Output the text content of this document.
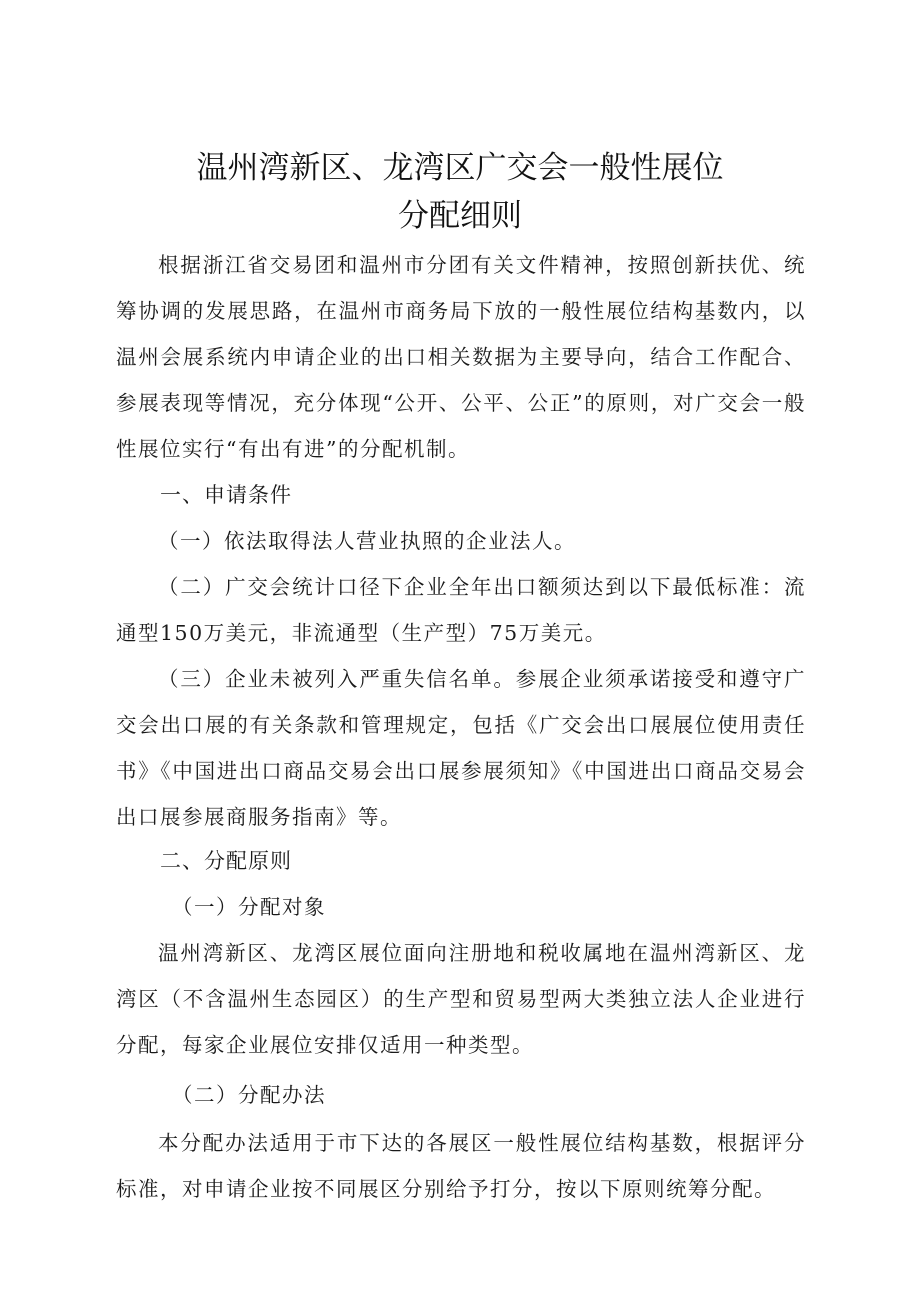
温州湾新区、龙湾区广交会一般性展位
分配细则

根据浙江省交易团和温州市分团有关文件精神，按照创新扶优、统筹协调的发展思路，在温州市商务局下放的一般性展位结构基数内，以温州会展系统内申请企业的出口相关数据为主要导向，结合工作配合、参展表现等情况，充分体现“公开、公平、公正”的原则，对广交会一般性展位实行“有出有进”的分配机制。

一、申请条件

（一）依法取得法人营业执照的企业法人。

（二）广交会统计口径下企业全年出口额须达到以下最低标准：流通型150万美元，非流通型（生产型）75万美元。

（三）企业未被列入严重失信名单。参展企业须承诺接受和遵守广交会出口展的有关条款和管理规定，包括《广交会出口展展位使用责任书》《中国进出口商品交易会出口展参展须知》《中国进出口商品交易会出口展参展商服务指南》等。

二、分配原则

（一）分配对象

温州湾新区、龙湾区展位面向注册地和税收属地在温州湾新区、龙湾区（不含温州生态园区）的生产型和贸易型两大类独立法人企业进行分配，每家企业展位安排仅适用一种类型。

（二）分配办法

本分配办法适用于市下达的各展区一般性展位结构基数，根据评分标准，对申请企业按不同展区分别给予打分，按以下原则统筹分配。
